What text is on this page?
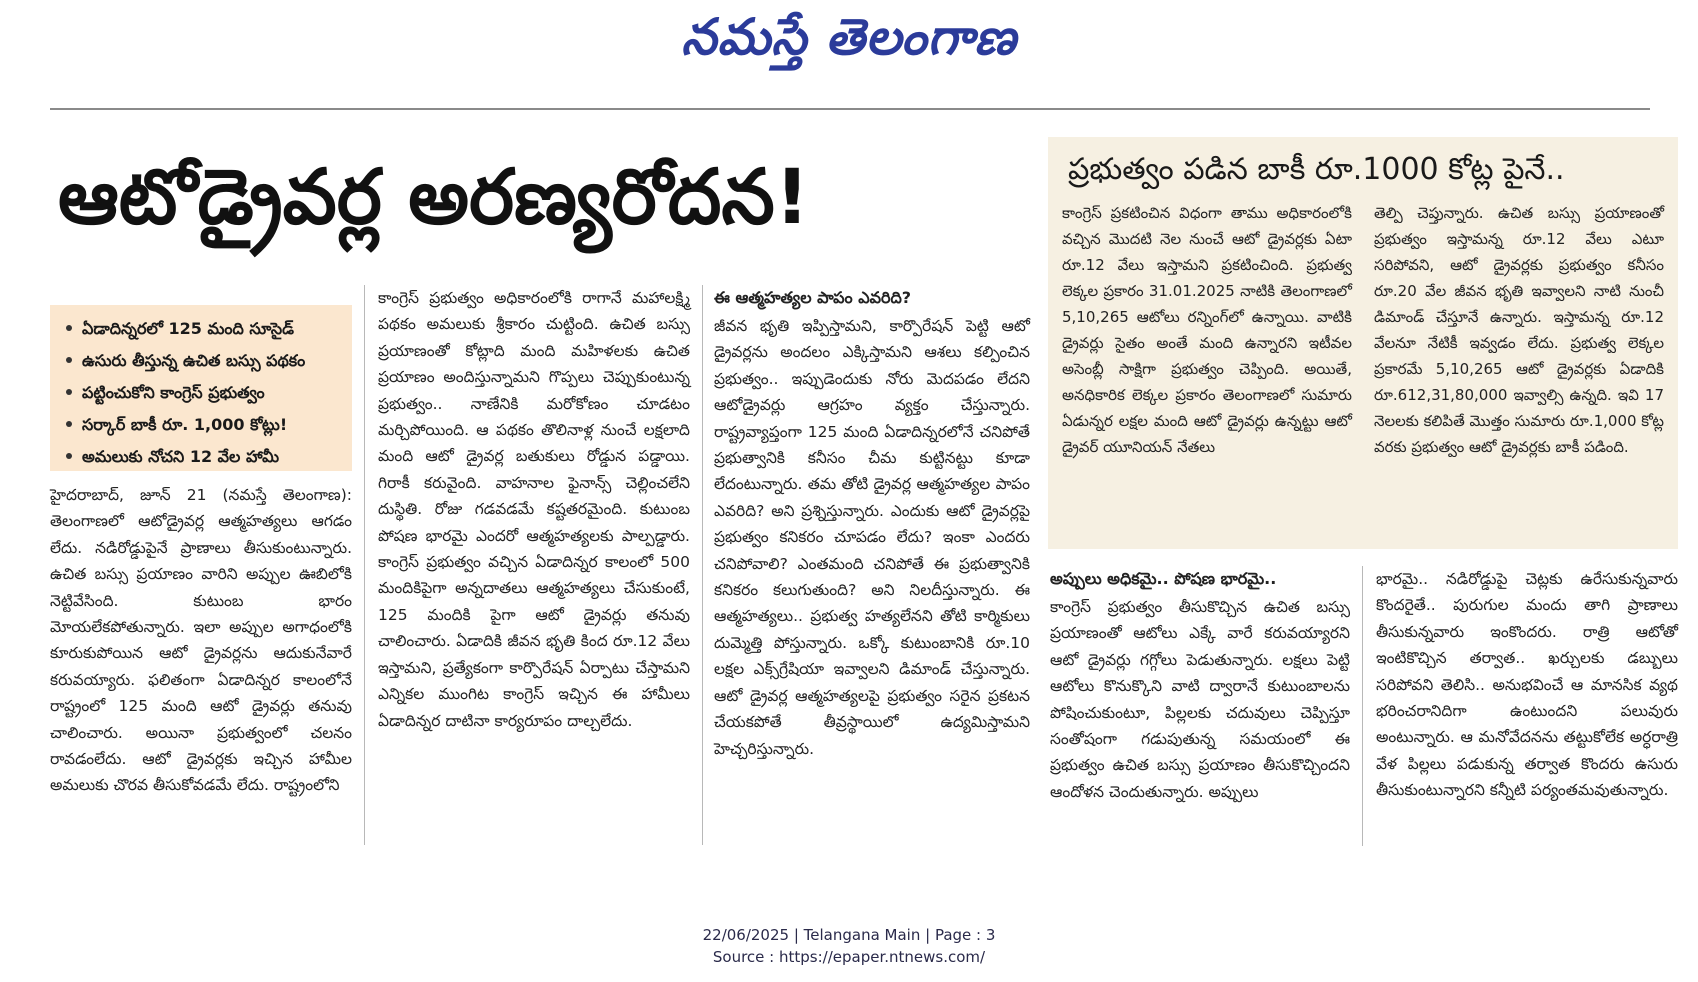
నమస్తే తెలంగాణ
ఆటోడ్రైవర్ల అరణ్యరోదన!
ఏడాదిన్నరలో 125 మంది సూసైడ్
ఉసురు తీస్తున్న ఉచిత బస్సు పథకం
పట్టించుకోని కాంగ్రెస్ ప్రభుత్వం
సర్కార్ బాకీ రూ. 1,000 కోట్లు!
అమలుకు నోచని 12 వేల హామీ

హైదరాబాద్, జూన్ 21 (నమస్తే తెలంగాణ): తెలంగాణలో ఆటోడ్రైవర్ల ఆత్మహత్యలు ఆగడం లేదు. నడిరోడ్డుపైనే ప్రాణాలు తీసుకుంటున్నారు. ఉచిత బస్సు ప్రయాణం వారిని అప్పుల ఊబిలోకి నెట్టివేసింది. కుటుంబ భారం మోయలేకపోతున్నారు. ఇలా అప్పుల అగాధంలోకి కూరుకుపోయిన ఆటో డ్రైవర్లను ఆదుకునేవారే కరువయ్యారు. ఫలితంగా ఏడాదిన్నర కాలంలోనే రాష్ట్రంలో 125 మంది ఆటో డ్రైవర్లు తనువు చాలించారు. అయినా ప్రభుత్వంలో చలనం రావడంలేదు. ఆటో డ్రైవర్లకు ఇచ్చిన హామీల అమలుకు చొరవ తీసుకోవడమే లేదు. రాష్ట్రంలోని

కాంగ్రెస్ ప్రభుత్వం అధికారంలోకి రాగానే మహాలక్ష్మి పథకం అమలుకు శ్రీకారం చుట్టింది. ఉచిత బస్సు ప్రయాణంతో కోట్లాది మంది మహిళలకు ఉచిత ప్రయాణం అందిస్తున్నామని గొప్పలు చెప్పుకుంటున్న ప్రభుత్వం.. నాణేనికి మరోకోణం చూడటం మర్చిపోయింది. ఆ పథకం తొలినాళ్ల నుంచే లక్షలాది మంది ఆటో డ్రైవర్ల బతుకులు రోడ్డున పడ్డాయి. గిరాకీ కరువైంది. వాహనాల ఫైనాన్స్ చెల్లించలేని దుస్థితి. రోజు గడవడమే కష్టతరమైంది. కుటుంబ పోషణ భారమై ఎందరో ఆత్మహత్యలకు పాల్పడ్డారు. కాంగ్రెస్ ప్రభుత్వం వచ్చిన ఏడాదిన్నర కాలంలో 500 మందికిపైగా అన్నదాతలు ఆత్మహత్యలు చేసుకుంటే, 125 మందికి పైగా ఆటో డ్రైవర్లు తనువు చాలించారు. ఏడాదికి జీవన భృతి కింద రూ.12 వేలు ఇస్తామని, ప్రత్యేకంగా కార్పొరేషన్ ఏర్పాటు చేస్తామని ఎన్నికల ముంగిట కాంగ్రెస్ ఇచ్చిన ఈ హామీలు ఏడాదిన్నర దాటినా కార్యరూపం దాల్చలేదు.

ఈ ఆత్మహత్యల పాపం ఎవరిది?

జీవన భృతి ఇప్పిస్తామని, కార్పొరేషన్ పెట్టి ఆటో డ్రైవర్లను అందలం ఎక్కిస్తామని ఆశలు కల్పించిన ప్రభుత్వం.. ఇప్పుడెందుకు నోరు మెదపడం లేదని ఆటోడ్రైవర్లు ఆగ్రహం వ్యక్తం చేస్తున్నారు. రాష్ట్రవ్యాప్తంగా 125 మంది ఏడాదిన్నరలోనే చనిపోతే ప్రభుత్వానికి కనీసం చీమ కుట్టినట్టు కూడా లేదంటున్నారు. తమ తోటి డ్రైవర్ల ఆత్మహత్యల పాపం ఎవరిది? అని ప్రశ్నిస్తున్నారు. ఎందుకు ఆటో డ్రైవర్లపై ప్రభుత్వం కనికరం చూపడం లేదు? ఇంకా ఎందరు చనిపోవాలి? ఎంతమంది చనిపోతే ఈ ప్రభుత్వానికి కనికరం కలుగుతుంది? అని నిలదీస్తున్నారు. ఈ ఆత్మహత్యలు.. ప్రభుత్వ హత్యలేనని తోటి కార్మికులు దుమ్మెత్తి పోస్తున్నారు. ఒక్కో కుటుంబానికి రూ.10 లక్షల ఎక్స్‌గ్రేషియా ఇవ్వాలని డిమాండ్ చేస్తున్నారు. ఆటో డ్రైవర్ల ఆత్మహత్యలపై ప్రభుత్వం సరైన ప్రకటన చేయకపోతే తీవ్రస్థాయిలో ఉద్యమిస్తామని హెచ్చరిస్తున్నారు.

ప్రభుత్వం పడిన బాకీ రూ.1000 కోట్ల పైనే..

కాంగ్రెస్ ప్రకటించిన విధంగా తాము అధికారంలోకి వచ్చిన మొదటి నెల నుంచే ఆటో డ్రైవర్లకు ఏటా రూ.12 వేలు ఇస్తామని ప్రకటించింది. ప్రభుత్వ లెక్కల ప్రకారం 31.01.2025 నాటికి తెలంగాణలో 5,10,265 ఆటోలు రన్నింగ్‌లో ఉన్నాయి. వాటికి డ్రైవర్లు సైతం అంతే మంది ఉన్నారని ఇటీవల అసెంబ్లీ సాక్షిగా ప్రభుత్వం చెప్పింది. అయితే, అనధికారిక లెక్కల ప్రకారం తెలంగాణలో సుమారు ఏడున్నర లక్షల మంది ఆటో డ్రైవర్లు ఉన్నట్టు ఆటో డ్రైవర్ యూనియన్ నేతలు

తెల్పి చెప్తున్నారు. ఉచిత బస్సు ప్రయాణంతో ప్రభుత్వం ఇస్తామన్న రూ.12 వేలు ఎటూ సరిపోవని, ఆటో డ్రైవర్లకు ప్రభుత్వం కనీసం రూ.20 వేల జీవన భృతి ఇవ్వాలని నాటి నుంచీ డిమాండ్ చేస్తూనే ఉన్నారు. ఇస్తామన్న రూ.12 వేలనూ నేటికీ ఇవ్వడం లేదు. ప్రభుత్వ లెక్కల ప్రకారమే 5,10,265 ఆటో డ్రైవర్లకు ఏడాదికి రూ.612,31,80,000 ఇవ్వాల్సి ఉన్నది. ఇవి 17 నెలలకు కలిపితే మొత్తం సుమారు రూ.1,000 కోట్ల వరకు ప్రభుత్వం ఆటో డ్రైవర్లకు బాకీ పడింది.

అప్పులు అధికమై.. పోషణ భారమై..

కాంగ్రెస్ ప్రభుత్వం తీసుకొచ్చిన ఉచిత బస్సు ప్రయాణంతో ఆటోలు ఎక్కే వారే కరువయ్యారని ఆటో డ్రైవర్లు గగ్గోలు పెడుతున్నారు. లక్షలు పెట్టి ఆటోలు కొనుక్కొని వాటి ద్వారానే కుటుంబాలను పోషించుకుంటూ, పిల్లలకు చదువులు చెప్పిస్తూ సంతోషంగా గడుపుతున్న సమయంలో ఈ ప్రభుత్వం ఉచిత బస్సు ప్రయాణం తీసుకొచ్చిందని ఆందోళన చెందుతున్నారు. అప్పులు

భారమై.. నడిరోడ్డుపై చెట్లకు ఉరేసుకున్నవారు కొందరైతే.. పురుగుల మందు తాగి ప్రాణాలు తీసుకున్నవారు ఇంకొందరు. రాత్రి ఆటోతో ఇంటికొచ్చిన తర్వాత.. ఖర్చులకు డబ్బులు సరిపోవని తెలిసి.. అనుభవించే ఆ మానసిక వ్యథ భరించరానిదిగా ఉంటుందని పలువురు అంటున్నారు. ఆ మనోవేదనను తట్టుకోలేక అర్ధరాత్రి వేళ పిల్లలు పడుకున్న తర్వాత కొందరు ఉసురు తీసుకుంటున్నారని కన్నీటి పర్యంతమవుతున్నారు.

22/06/2025 | Telangana Main | Page : 3
Source : https://epaper.ntnews.com/
